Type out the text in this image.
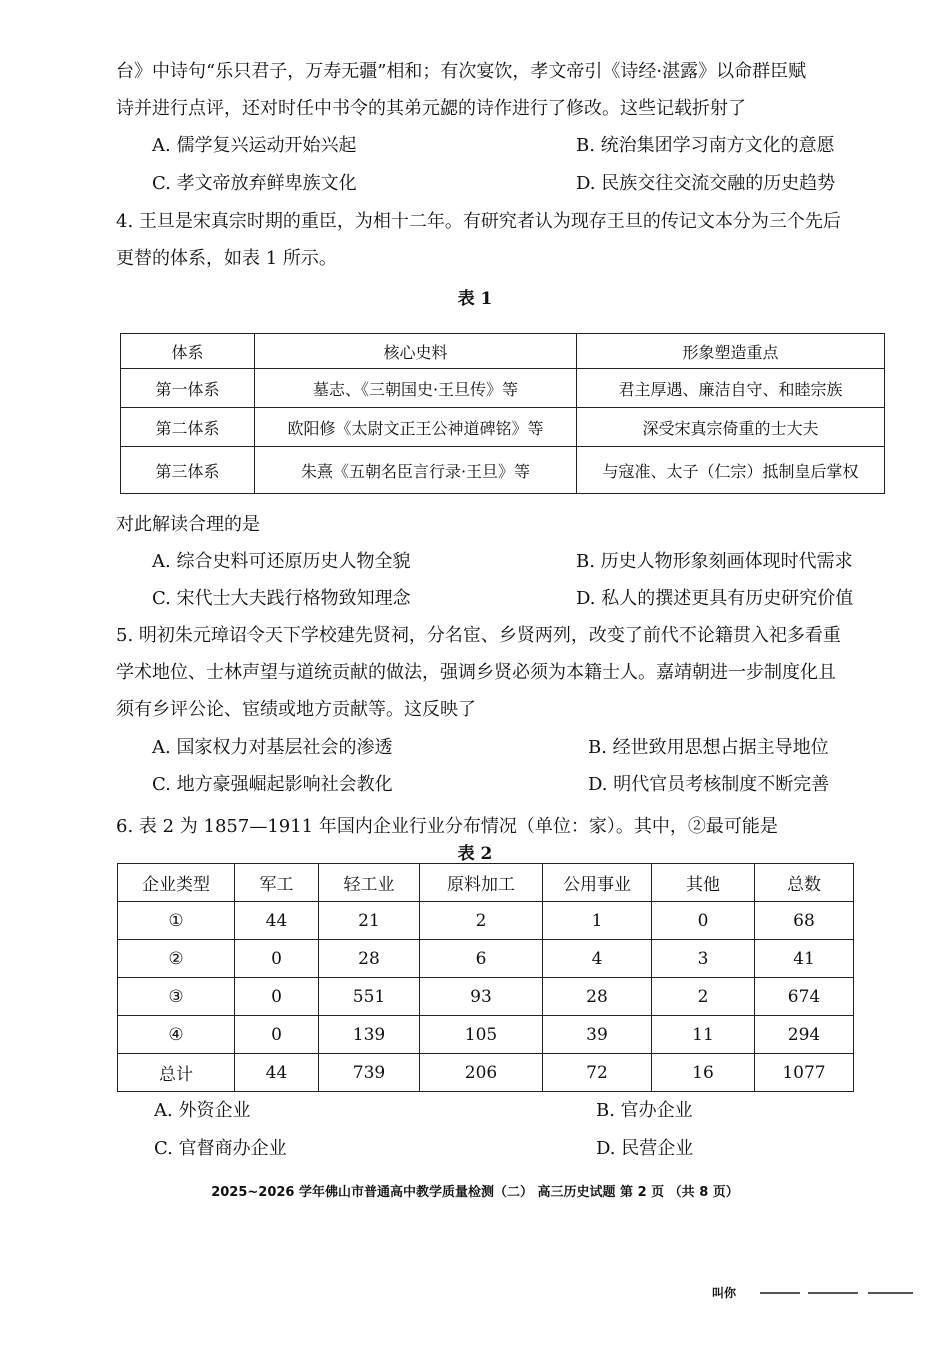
台》中诗句“乐只君子，万寿无疆”相和；有次宴饮，孝文帝引《诗经·湛露》以命群臣赋
诗并进行点评，还对时任中书令的其弟元勰的诗作进行了修改。这些记载折射了
A. 儒学复兴运动开始兴起	B. 统治集团学习南方文化的意愿
C. 孝文帝放弃鲜卑族文化	D. 民族交往交流交融的历史趋势
4. 王旦是宋真宗时期的重臣，为相十二年。有研究者认为现存王旦的传记文本分为三个先后
更替的体系，如表 1 所示。
表 1
体系	核心史料	形象塑造重点
第一体系	墓志、《三朝国史·王旦传》等	君主厚遇、廉洁自守、和睦宗族
第二体系	欧阳修《太尉文正王公神道碑铭》等	深受宋真宗倚重的士大夫
第三体系	朱熹《五朝名臣言行录·王旦》等	与寇准、太子（仁宗）抵制皇后掌权
对此解读合理的是
A. 综合史料可还原历史人物全貌	B. 历史人物形象刻画体现时代需求
C. 宋代士大夫践行格物致知理念	D. 私人的撰述更具有历史研究价值
5. 明初朱元璋诏令天下学校建先贤祠，分名宦、乡贤两列，改变了前代不论籍贯入祀多看重
学术地位、士林声望与道统贡献的做法，强调乡贤必须为本籍士人。嘉靖朝进一步制度化且
须有乡评公论、宦绩或地方贡献等。这反映了
A. 国家权力对基层社会的渗透	B. 经世致用思想占据主导地位
C. 地方豪强崛起影响社会教化	D. 明代官员考核制度不断完善
6. 表 2 为 1857—1911 年国内企业行业分布情况（单位：家）。其中，②最可能是
表 2
企业类型	军工	轻工业	原料加工	公用事业	其他	总数
①	44	21	2	1	0	68
②	0	28	6	4	3	41
③	0	551	93	28	2	674
④	0	139	105	39	11	294
总计	44	739	206	72	16	1077
A. 外资企业	B. 官办企业
C. 官督商办企业	D. 民营企业
2025~2026 学年佛山市普通高中教学质量检测（二） 高三历史试题 第 2 页 （共 8 页）
叫你
